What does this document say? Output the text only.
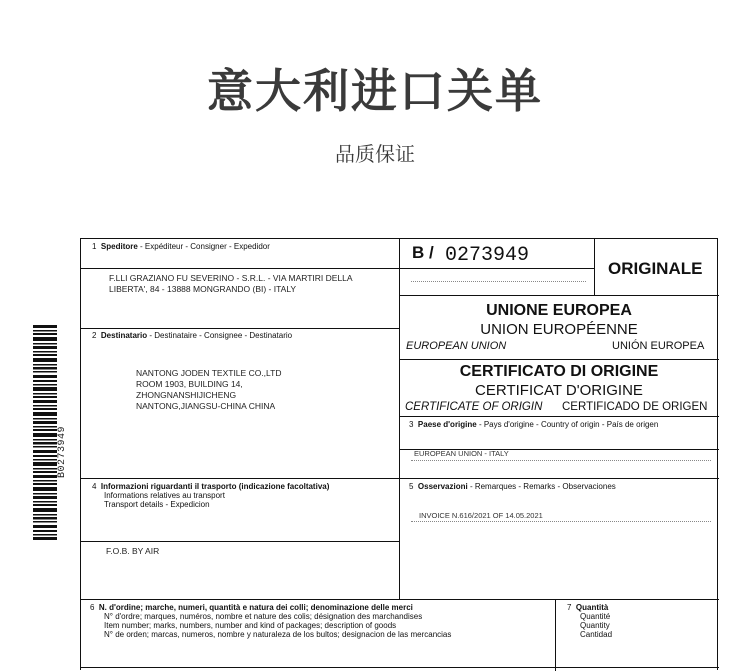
意大利进口关单
品质保证
B0273949
1 Speditore - Expéditeur - Consigner - Expedidor
F.LLI GRAZIANO FU SEVERINO - S.R.L. - VIA MARTIRI DELLA
LIBERTA', 84 - 13888 MONGRANDO (BI) - ITALY
B / 0273949
ORIGINALE
UNIONE EUROPEA
UNION EUROPÉENNE
EUROPEAN UNION	UNIÓN EUROPEA
2 Destinatario - Destinataire - Consignee - Destinatario
NANTONG JODEN TEXTILE CO.,LTD
ROOM 1903, BUILDING 14,
ZHONGNANSHIJICHENG
NANTONG,JIANGSU-CHINA CHINA
CERTIFICATO DI ORIGINE
CERTIFICAT D'ORIGINE
CERTIFICATE OF ORIGIN CERTIFICADO DE ORIGEN
3 Paese d'origine - Pays d'origine - Country of origin - País de origen
EUROPEAN UNION - ITALY
4 Informazioni riguardanti il trasporto (indicazione facoltativa)
Informations relatives au transport
Transport details - Expedicion
F.O.B. BY AIR
5 Osservazioni - Remarques - Remarks - Observaciones
INVOICE N.616/2021 OF 14.05.2021
6 N. d'ordine; marche, numeri, quantità e natura dei colli; denominazione delle merci
N° d'ordre; marques, numéros, nombre et nature des colis; désignation des marchandises
Item number; marks, numbers, number and kind of packages; description of goods
N° de orden; marcas, numeros, nombre y naturaleza de los bultos; designacion de las mercancias
7 Quantità
Quantité
Quantity
Cantidad
